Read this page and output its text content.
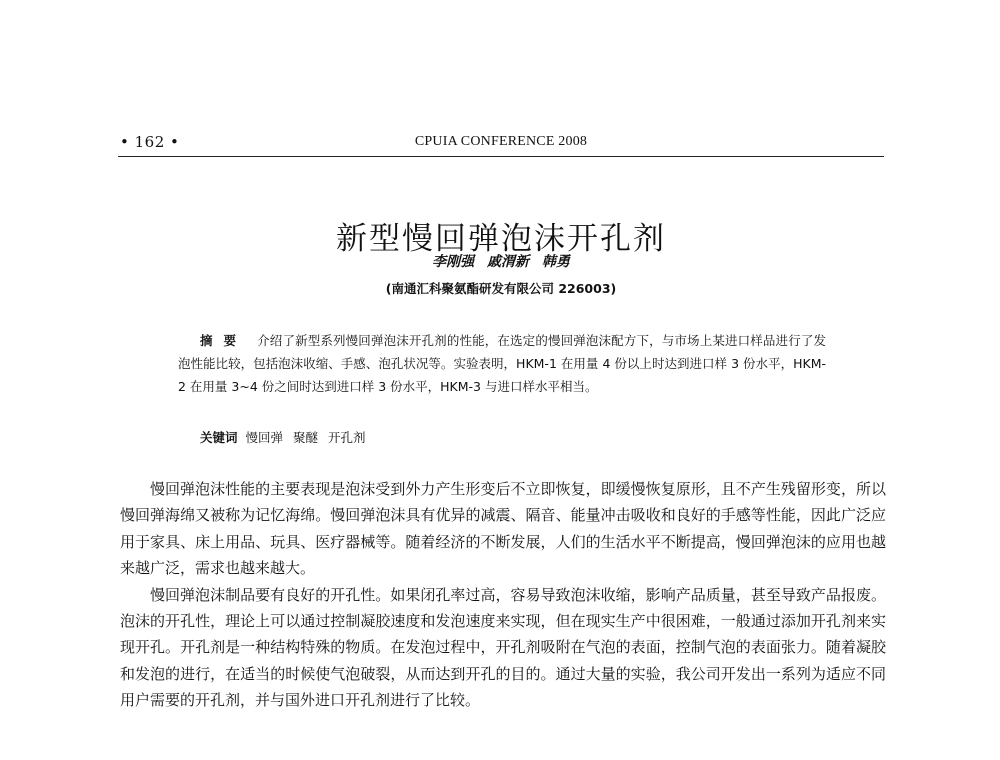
• 162 •	CPUIA CONFERENCE 2008
新型慢回弹泡沫开孔剂
李刚强 戚渭新 韩勇
(南通汇科聚氨酯研发有限公司 226003)
摘要 介绍了新型系列慢回弹泡沫开孔剂的性能，在选定的慢回弹泡沫配方下，与市场上某进口样品进行了发泡性能比较，包括泡沫收缩、手感、泡孔状况等。实验表明，HKM-1 在用量 4 份以上时达到进口样 3 份水平，HKM-2 在用量 3~4 份之间时达到进口样 3 份水平，HKM-3 与进口样水平相当。
关键词 慢回弹 聚醚 开孔剂

慢回弹泡沫性能的主要表现是泡沫受到外力产生形变后不立即恢复，即缓慢恢复原形，且不产生残留形变，所以慢回弹海绵又被称为记忆海绵。慢回弹泡沫具有优异的减震、隔音、能量冲击吸收和良好的手感等性能，因此广泛应用于家具、床上用品、玩具、医疗器械等。随着经济的不断发展，人们的生活水平不断提高，慢回弹泡沫的应用也越来越广泛，需求也越来越大。

慢回弹泡沫制品要有良好的开孔性。如果闭孔率过高，容易导致泡沫收缩，影响产品质量，甚至导致产品报废。泡沫的开孔性，理论上可以通过控制凝胶速度和发泡速度来实现，但在现实生产中很困难，一般通过添加开孔剂来实现开孔。开孔剂是一种结构特殊的物质。在发泡过程中，开孔剂吸附在气泡的表面，控制气泡的表面张力。随着凝胶和发泡的进行，在适当的时候使气泡破裂，从而达到开孔的目的。通过大量的实验，我公司开发出一系列为适应不同用户需要的开孔剂，并与国外进口开孔剂进行了比较。
